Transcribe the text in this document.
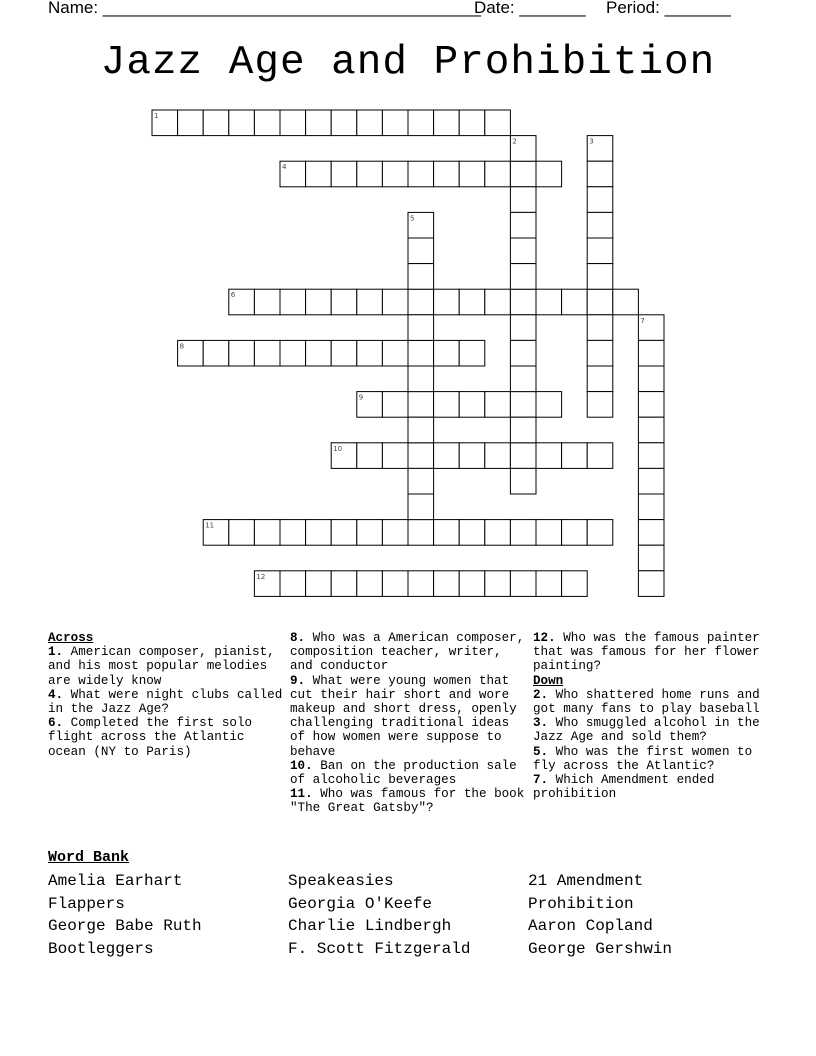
Name: ________________________________________
Date: _______ Period: _______
Jazz Age and Prohibition
1
4
6
8
9
10
11
12
2	3
5
7
Across
1. American composer, pianist, and his most popular melodies are widely know
4. What were night clubs called in the Jazz Age?
6. Completed the first solo flight across the Atlantic ocean (NY to Paris)
8. Who was a American composer, composition teacher, writer, and conductor
9. What were young women that cut their hair short and wore makeup and short dress, openly challenging traditional ideas of how women were suppose to behave
10. Ban on the production sale of alcoholic beverages
11. Who was famous for the book "The Great Gatsby"?
12. Who was the famous painter that was famous for her flower painting?
Down
2. Who shattered home runs and got many fans to play baseball
3. Who smuggled alcohol in the Jazz Age and sold them?
5. Who was the first women to fly across the Atlantic?
7. Which Amendment ended prohibition
Word Bank
Amelia Earhart
Flappers
George Babe Ruth
Bootleggers
Speakeasies
Georgia O'Keefe
Charlie Lindbergh
F. Scott Fitzgerald
21 Amendment
Prohibition
Aaron Copland
George Gershwin
